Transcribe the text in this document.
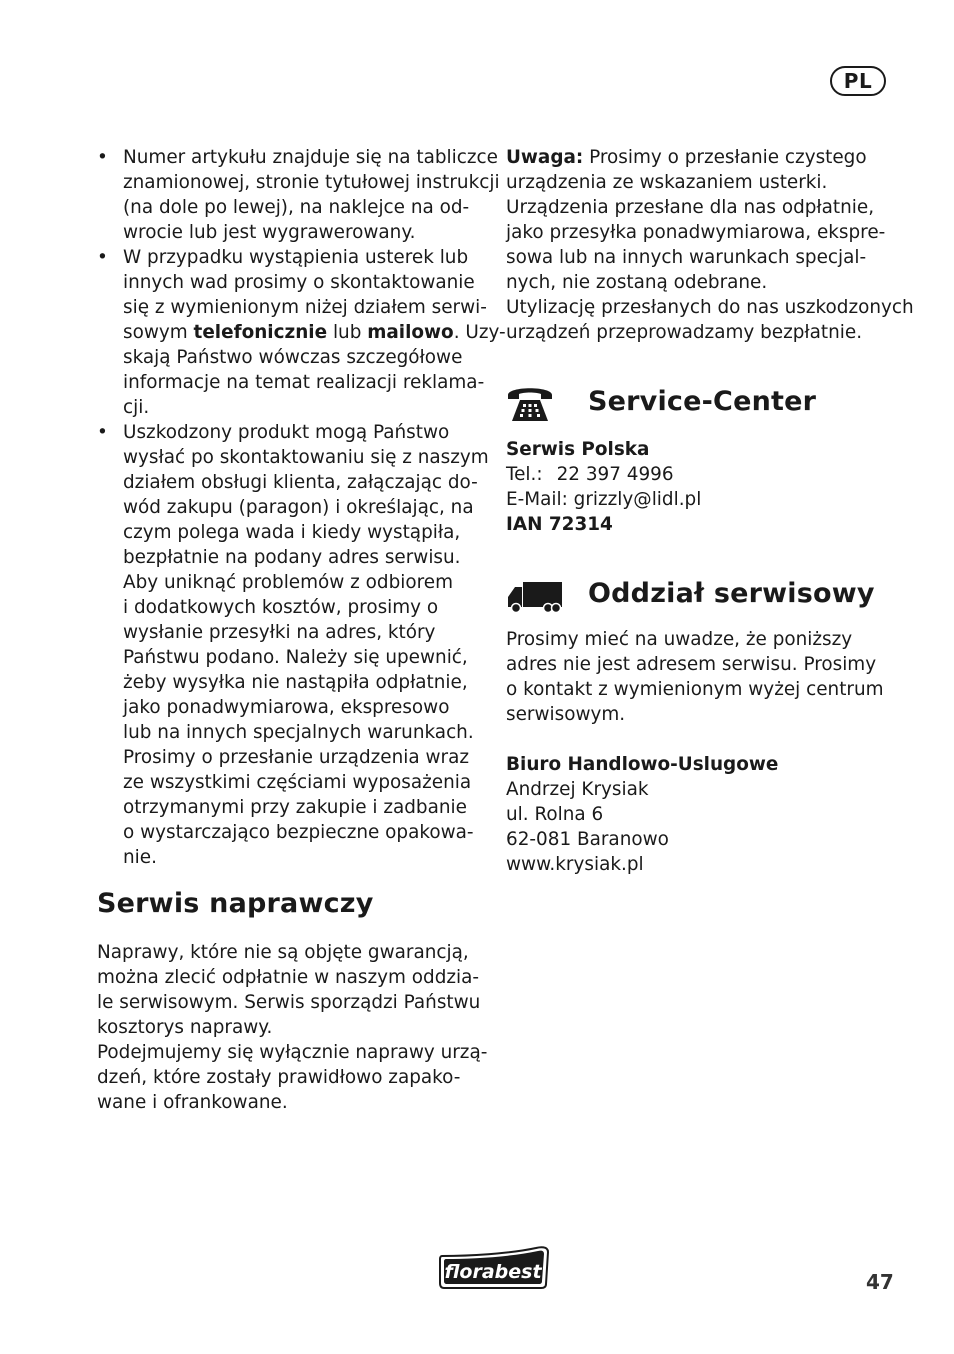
PL
• Numer artykułu znajduje się na tabliczce
znamionowej, stronie tytułowej instrukcji
(na dole po lewej), na naklejce na od-
wrocie lub jest wygrawerowany.
• W przypadku wystąpienia usterek lub
innych wad prosimy o skontaktowanie
się z wymienionym niżej działem serwi-
sowym telefonicznie lub mailowo. Uzy-
skają Państwo wówczas szczegółowe
informacje na temat realizacji reklama-
cji.
• Uszkodzony produkt mogą Państwo
wysłać po skontaktowaniu się z naszym
działem obsługi klienta, załączając do-
wód zakupu (paragon) i określając, na
czym polega wada i kiedy wystąpiła,
bezpłatnie na podany adres serwisu.
Aby uniknąć problemów z odbiorem
i dodatkowych kosztów, prosimy o
wysłanie przesyłki na adres, który
Państwu podano. Należy się upewnić,
żeby wysyłka nie nastąpiła odpłatnie,
jako ponadwymiarowa, ekspresowo
lub na innych specjalnych warunkach.
Prosimy o przesłanie urządzenia wraz
ze wszystkimi częściami wyposażenia
otrzymanymi przy zakupie i zadbanie
o wystarczająco bezpieczne opakowa-
nie.
Serwis naprawczy
Naprawy, które nie są objęte gwarancją,
można zlecić odpłatnie w naszym oddzia-
le serwisowym. Serwis sporządzi Państwu
kosztorys naprawy.
Podejmujemy się wyłącznie naprawy urzą-
dzeń, które zostały prawidłowo zapako-
wane i ofrankowane.
Uwaga: Prosimy o przesłanie czystego
urządzenia ze wskazaniem usterki.
Urządzenia przesłane dla nas odpłatnie,
jako przesyłka ponadwymiarowa, ekspre-
sowa lub na innych warunkach specjal-
nych, nie zostaną odebrane.
Utylizację przesłanych do nas uszkodzonych
urządzeń przeprowadzamy bezpłatnie.
Service-Center
Serwis Polska
Tel.: 22 397 4996
E-Mail: grizzly@lidl.pl
IAN 72314
Oddział serwisowy
Prosimy mieć na uwadze, że poniższy
adres nie jest adresem serwisu. Prosimy
o kontakt z wymienionym wyżej centrum
serwisowym.
Biuro Handlowo-Uslugowe
Andrzej Krysiak
ul. Rolna 6
62-081 Baranowo
www.krysiak.pl
florabest	47
